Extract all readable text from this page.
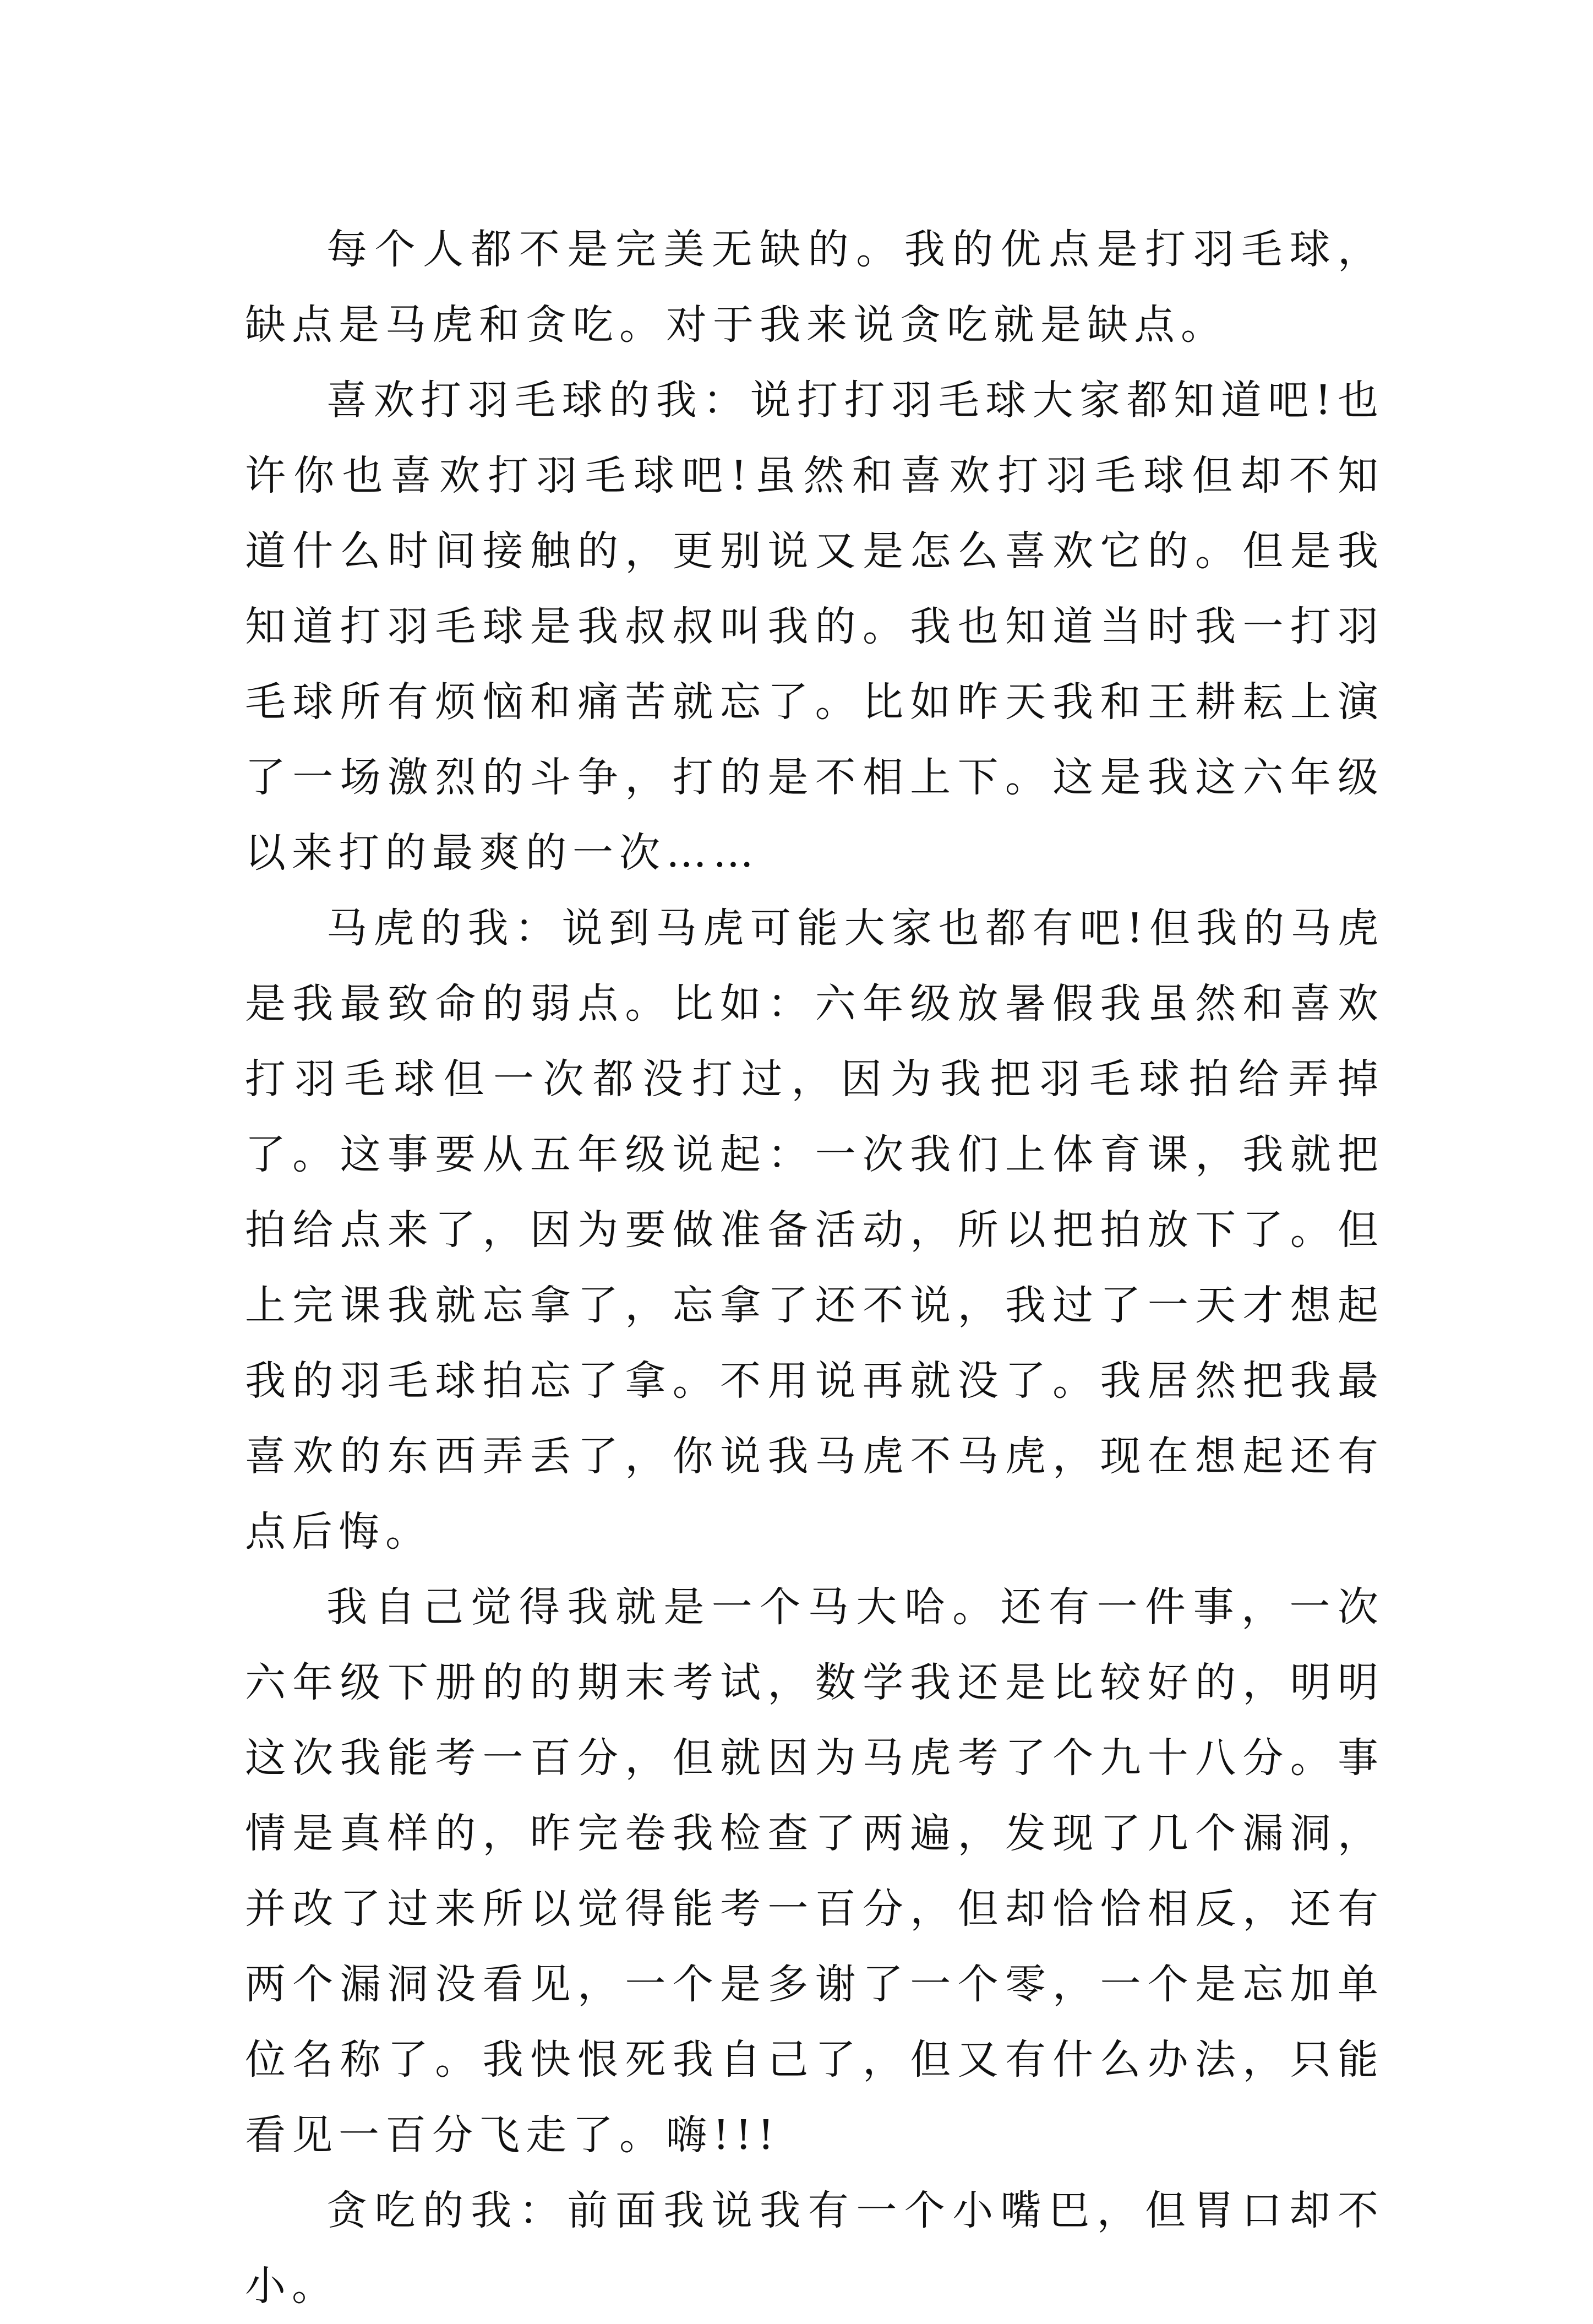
每个人都不是完美无缺的。我的优点是打羽毛球，缺点是马虎和贪吃。对于我来说贪吃就是缺点。

喜欢打羽毛球的我：说打打羽毛球大家都知道吧!也许你也喜欢打羽毛球吧!虽然和喜欢打羽毛球但却不知道什么时间接触的，更别说又是怎么喜欢它的。但是我知道打羽毛球是我叔叔叫我的。我也知道当时我一打羽毛球所有烦恼和痛苦就忘了。比如昨天我和王耕耘上演了一场激烈的斗争，打的是不相上下。这是我这六年级以来打的最爽的一次……

马虎的我：说到马虎可能大家也都有吧!但我的马虎是我最致命的弱点。比如：六年级放暑假我虽然和喜欢打羽毛球但一次都没打过，因为我把羽毛球拍给弄掉了。这事要从五年级说起：一次我们上体育课，我就把拍给点来了，因为要做准备活动，所以把拍放下了。但上完课我就忘拿了，忘拿了还不说，我过了一天才想起我的羽毛球拍忘了拿。不用说再就没了。我居然把我最喜欢的东西弄丢了，你说我马虎不马虎，现在想起还有点后悔。

我自己觉得我就是一个马大哈。还有一件事，一次六年级下册的的期末考试，数学我还是比较好的，明明这次我能考一百分，但就因为马虎考了个九十八分。事情是真样的，昨完卷我检查了两遍，发现了几个漏洞，并改了过来所以觉得能考一百分，但却恰恰相反，还有两个漏洞没看见，一个是多谢了一个零，一个是忘加单位名称了。我快恨死我自己了，但又有什么办法，只能看见一百分飞走了。嗨!!!

贪吃的我：前面我说我有一个小嘴巴，但胃口却不小。
